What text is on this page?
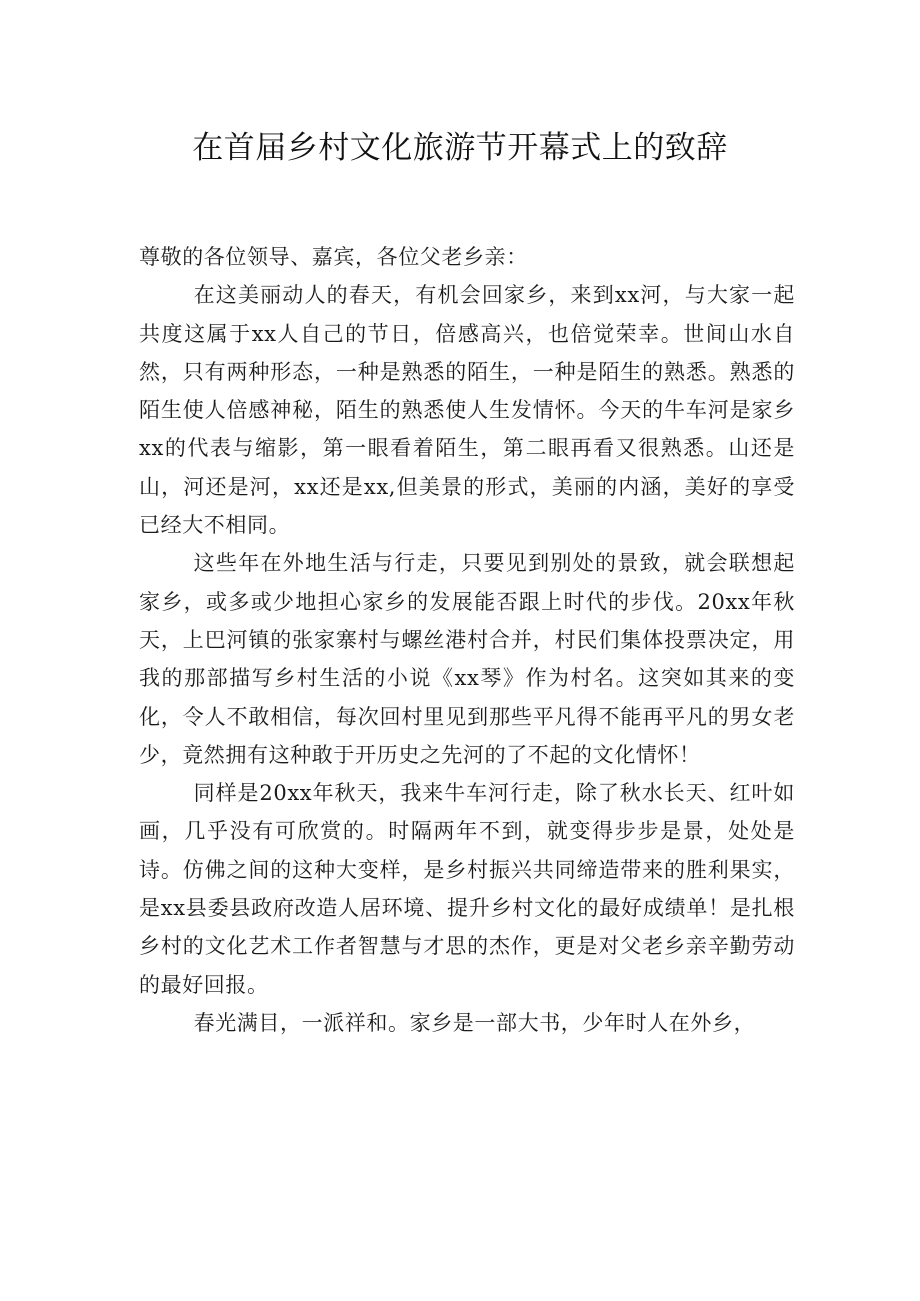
在首届乡村文化旅游节开幕式上的致辞

尊敬的各位领导、嘉宾，各位父老乡亲：

在这美丽动人的春天，有机会回家乡，来到xx河，与大家一起共度这属于xx人自己的节日，倍感高兴，也倍觉荣幸。世间山水自然，只有两种形态，一种是熟悉的陌生，一种是陌生的熟悉。熟悉的陌生使人倍感神秘，陌生的熟悉使人生发情怀。今天的牛车河是家乡xx的代表与缩影，第一眼看着陌生，第二眼再看又很熟悉。山还是山，河还是河，xx还是xx,但美景的形式，美丽的内涵，美好的享受已经大不相同。

这些年在外地生活与行走，只要见到别处的景致，就会联想起家乡，或多或少地担心家乡的发展能否跟上时代的步伐。20xx年秋天，上巴河镇的张家寨村与螺丝港村合并，村民们集体投票决定，用我的那部描写乡村生活的小说《xx琴》作为村名。这突如其来的变化，令人不敢相信，每次回村里见到那些平凡得不能再平凡的男女老少，竟然拥有这种敢于开历史之先河的了不起的文化情怀！

同样是20xx年秋天，我来牛车河行走，除了秋水长天、红叶如画，几乎没有可欣赏的。时隔两年不到，就变得步步是景，处处是诗。仿佛之间的这种大变样，是乡村振兴共同缔造带来的胜利果实，是xx县委县政府改造人居环境、提升乡村文化的最好成绩单！是扎根乡村的文化艺术工作者智慧与才思的杰作，更是对父老乡亲辛勤劳动的最好回报。

春光满目，一派祥和。家乡是一部大书，少年时人在外乡，
